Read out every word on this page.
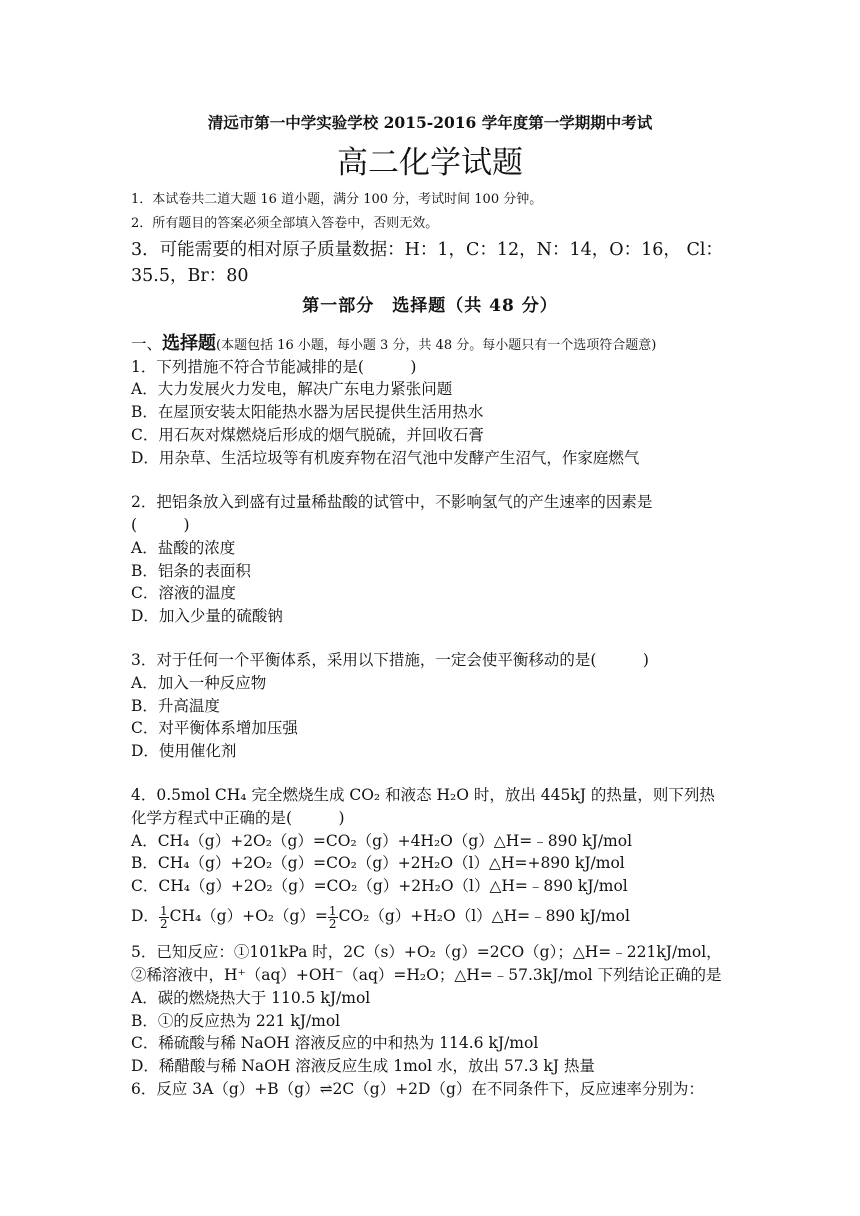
清远市第一中学实验学校 2015-2016 学年度第一学期期中考试
高二化学试题
1．本试卷共二道大题 16 道小题，满分 100 分，考试时间 100 分钟。
2．所有题目的答案必须全部填入答卷中，否则无效。
3．可能需要的相对原子质量数据：H：1，C：12，N：14，O：16， Cl：
35.5，Br：80
第一部分　选择题（共 48 分）
一、选择题(本题包括 16 小题，每小题 3 分，共 48 分。每小题只有一个选项符合题意)
1．下列措施不符合节能减排的是(　　　)
A．大力发展火力发电，解决广东电力紧张问题
B．在屋顶安装太阳能热水器为居民提供生活用热水
C．用石灰对煤燃烧后形成的烟气脱硫，并回收石膏
D．用杂草、生活垃圾等有机废弃物在沼气池中发酵产生沼气，作家庭燃气
2．把铝条放入到盛有过量稀盐酸的试管中，不影响氢气的产生速率的因素是
(　　　)
A．盐酸的浓度
B．铝条的表面积
C．溶液的温度
D．加入少量的硫酸钠
3．对于任何一个平衡体系，采用以下措施，一定会使平衡移动的是(　　　)
A．加入一种反应物
B．升高温度
C．对平衡体系增加压强
D．使用催化剂
4．0.5mol CH₄ 完全燃烧生成 CO₂ 和液态 H₂O 时，放出 445kJ 的热量，则下列热
化学方程式中正确的是(　　　)
A．CH₄（g）+2O₂（g）=CO₂（g）+4H₂O（g）△H=﹣890 kJ/mol
B．CH₄（g）+2O₂（g）=CO₂（g）+2H₂O（l）△H=+890 kJ/mol
C．CH₄（g）+2O₂（g）=CO₂（g）+2H₂O（l）△H=﹣890 kJ/mol
D． $\frac{1}{2} CH_4(g)+O_2(g)= \frac{1}{2}$ CO₂（g）+H₂O（l）△H=﹣890 kJ/mol
5．已知反应：①101kPa 时，2C（s）+O₂（g）=2CO（g）；△H=﹣221kJ/mol，
②稀溶液中，H⁺（aq）+OH⁻（aq）=H₂O；△H=﹣57.3kJ/mol 下列结论正确的是
A．碳的燃烧热大于 110.5 kJ/mol
B．①的反应热为 221 kJ/mol
C．稀硫酸与稀 NaOH 溶液反应的中和热为 114.6 kJ/mol
D．稀醋酸与稀 NaOH 溶液反应生成 1mol 水，放出 57.3 kJ 热量
6．反应 3A（g）+B（g）⇌2C（g）+2D（g）在不同条件下，反应速率分别为：
